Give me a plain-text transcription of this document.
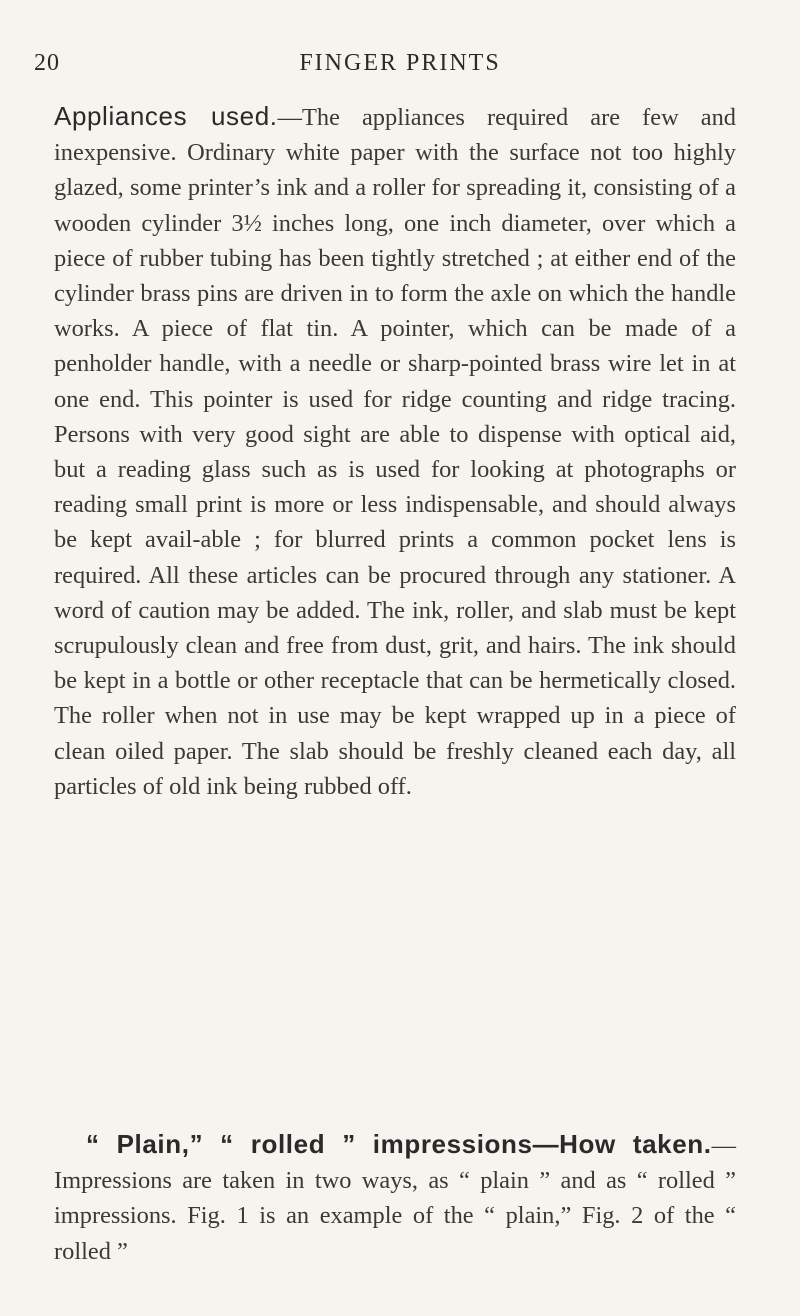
20	FINGER PRINTS

Appliances used.—The appliances required are few and inexpensive. Ordinary white paper with the surface not too highly glazed, some printer’s ink and a roller for spreading it, consisting of a wooden cylinder 3½ inches long, one inch diameter, over which a piece of rubber tubing has been tightly stretched ; at either end of the cylinder brass pins are driven in to form the axle on which the handle works. A piece of flat tin. A pointer, which can be made of a penholder handle, with a needle or sharp-pointed brass wire let in at one end. This pointer is used for ridge counting and ridge tracing. Persons with very good sight are able to dispense with optical aid, but a reading glass such as is used for looking at photographs or reading small print is more or less indispensable, and should always be kept avail-able ; for blurred prints a common pocket lens is required. All these articles can be procured through any stationer. A word of caution may be added. The ink, roller, and slab must be kept scrupulously clean and free from dust, grit, and hairs. The ink should be kept in a bottle or other receptacle that can be hermetically closed. The roller when not in use may be kept wrapped up in a piece of clean oiled paper. The slab should be freshly cleaned each day, all particles of old ink being rubbed off.

“ Plain,” “ rolled ” impressions—How taken.—Impressions are taken in two ways, as “ plain ” and as “ rolled ” impressions. Fig. 1 is an example of the “ plain,” Fig. 2 of the “ rolled ”
